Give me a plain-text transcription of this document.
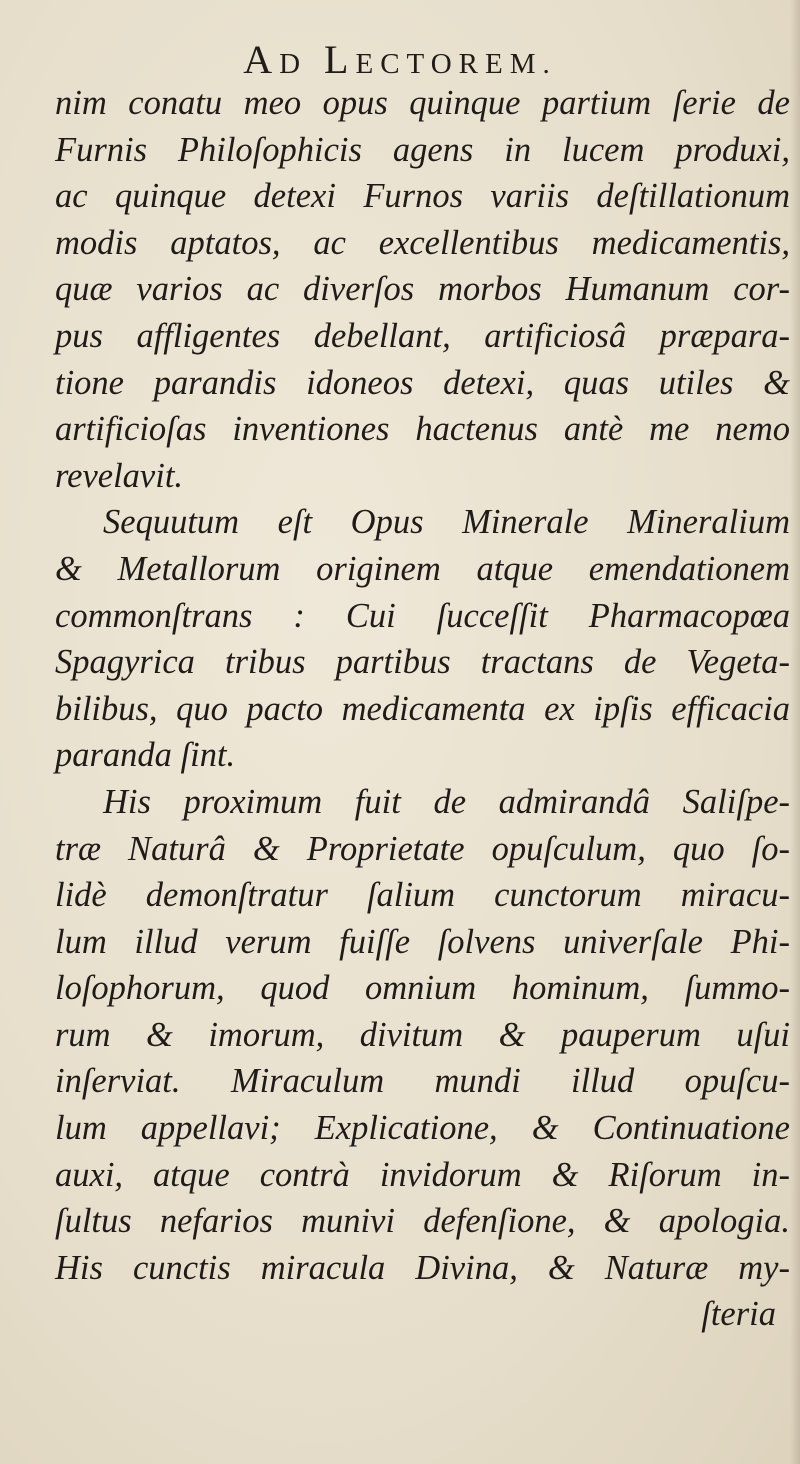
AD LECTOREM.
nim conatu meo opus quinque partium ſerie de
Furnis Philoſophicis agens in lucem produxi,
ac quinque detexi Furnos variis deſtillationum
modis aptatos, ac excellentibus medicamentis,
quæ varios ac diverſos morbos Humanum cor-
pus affligentes debellant, artificiosâ præpara-
tione parandis idoneos detexi, quas utiles &
artificioſas inventiones hactenus antè me nemo
revelavit.
Sequutum eſt Opus Minerale Mineralium
& Metallorum originem atque emendationem
commonſtrans : Cui ſucceſſit Pharmacopœa
Spagyrica tribus partibus tractans de Vegeta-
bilibus, quo pacto medicamenta ex ipſis efficacia
paranda ſint.
His proximum fuit de admirandâ Saliſpe-
træ Naturâ & Proprietate opuſculum, quo ſo-
lidè demonſtratur ſalium cunctorum miracu-
lum illud verum fuiſſe ſolvens univerſale Phi-
loſophorum, quod omnium hominum, ſummo-
rum & imorum, divitum & pauperum uſui
inſerviat. Miraculum mundi illud opuſcu-
lum appellavi; Explicatione, & Continuatione
auxi, atque contrà invidorum & Riſorum in-
ſultus nefarios munivi defenſione, & apologia.
His cunctis miracula Divina, & Naturæ my-
ſteria
